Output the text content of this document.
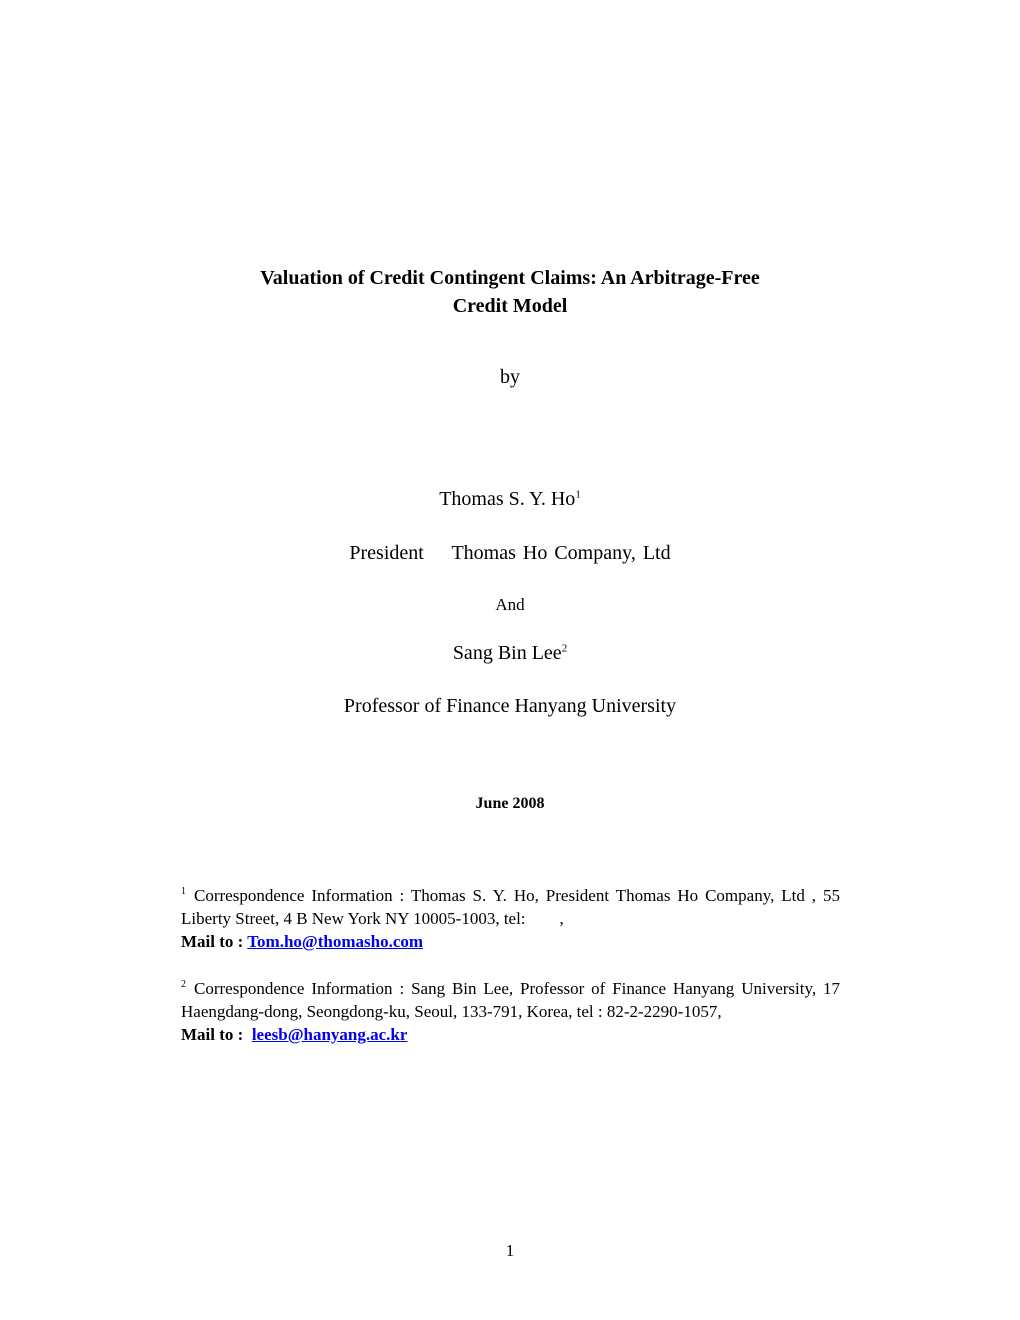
Valuation of Credit Contingent Claims: An Arbitrage-Free
Credit Model
by
Thomas S. Y. Ho$^1$
President    Thomas Ho Company, Ltd
And
Sang Bin Lee$^2$
Professor of Finance Hanyang University
June 2008
$^1$ Correspondence Information : Thomas S. Y. Ho, President Thomas Ho Company, Ltd , 55 Liberty Street, 4 B New York NY 10005-1003, tel:        ,
Mail to : Tom.ho@thomasho.com
$^2$ Correspondence Information : Sang Bin Lee, Professor of Finance Hanyang University, 17 Haengdang-dong, Seongdong-ku, Seoul, 133-791, Korea, tel : 82-2-2290-1057,
Mail to :  leesb@hanyang.ac.kr
1
